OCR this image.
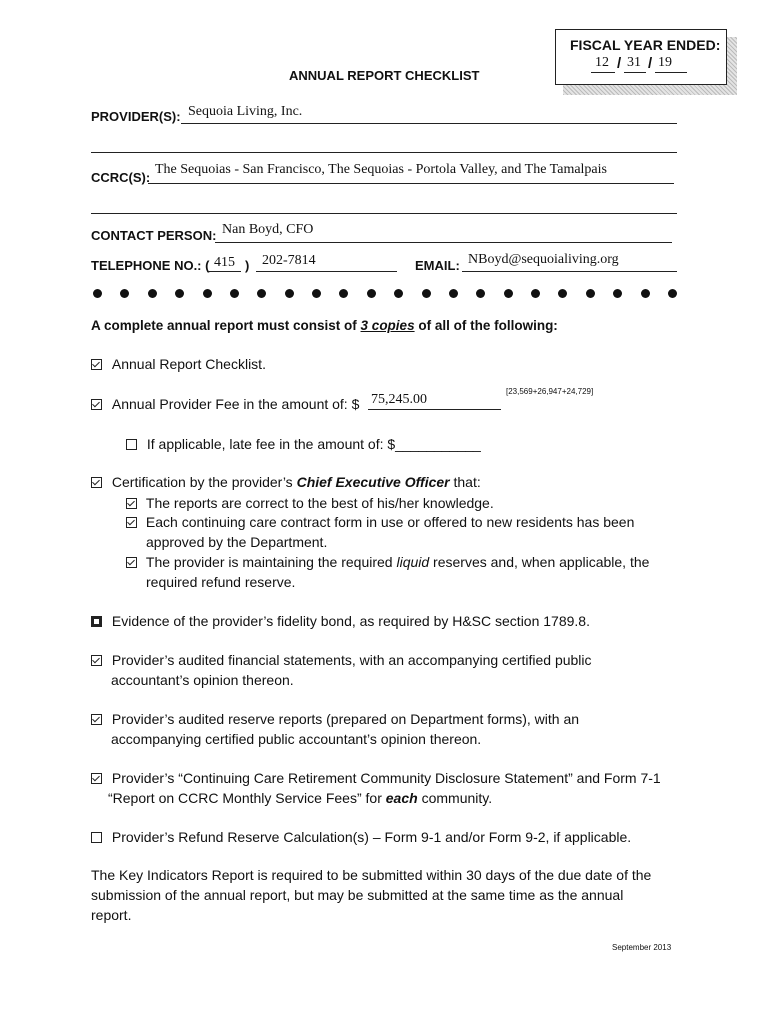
FISCAL YEAR ENDED:
12 / 31 / 19
ANNUAL REPORT CHECKLIST
PROVIDER(S): Sequoia Living, Inc.
CCRC(S):
The Sequoias - San Francisco, The Sequoias - Portola Valley, and The Tamalpais
CONTACT PERSON: Nan Boyd, CFO
TELEPHONE NO.: ( 415 ) 202-7814	EMAIL: NBoyd@sequoialiving.org
A complete annual report must consist of 3 copies of all of the following:
Annual Report Checklist.
Annual Provider Fee in the amount of: $ 75,245.00
[23,569+26,947+24,729]
If applicable, late fee in the amount of: $___________
Certification by the provider’s Chief Executive Officer that:
The reports are correct to the best of his/her knowledge.
Each continuing care contract form in use or offered to new residents has been
approved by the Department.
The provider is maintaining the required liquid reserves and, when applicable, the
required refund reserve.
Evidence of the provider’s fidelity bond, as required by H&SC section 1789.8.
Provider’s audited financial statements, with an accompanying certified public
accountant’s opinion thereon.
Provider’s audited reserve reports (prepared on Department forms), with an
accompanying certified public accountant’s opinion thereon.
Provider’s “Continuing Care Retirement Community Disclosure Statement” and Form 7-1
“Report on CCRC Monthly Service Fees” for each community.
Provider’s Refund Reserve Calculation(s) – Form 9-1 and/or Form 9-2, if applicable.
The Key Indicators Report is required to be submitted within 30 days of the due date of the
submission of the annual report, but may be submitted at the same time as the annual
report.
September 2013
